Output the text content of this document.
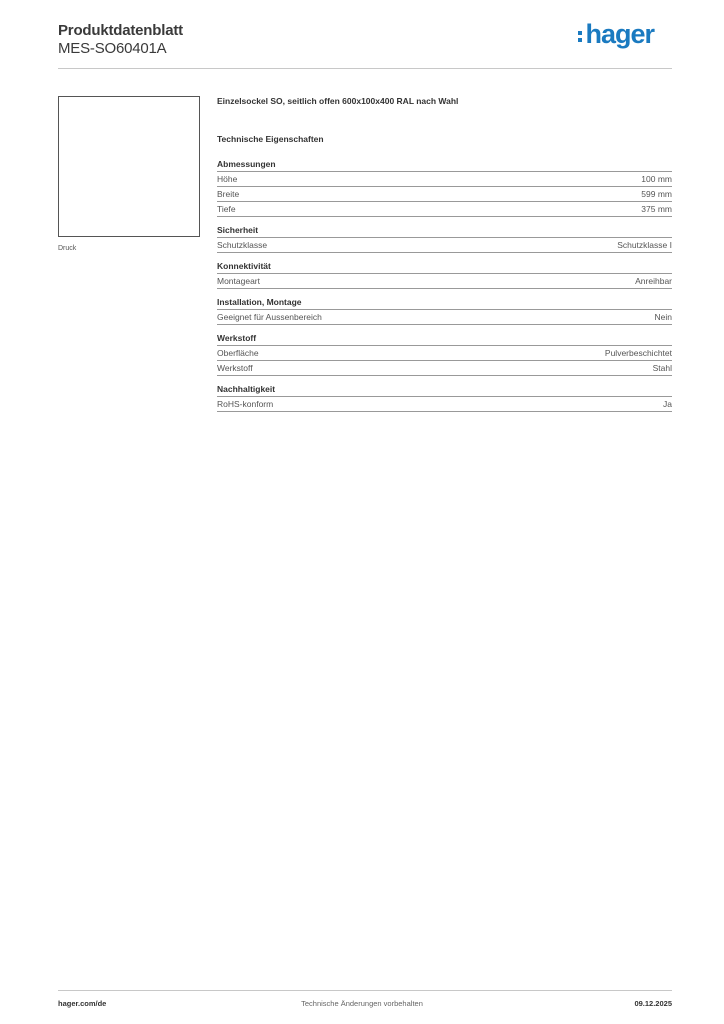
Produktdatenblatt
MES-SO60401A	hager
Druck
Einzelsockel SO, seitlich offen 600x100x400 RAL nach Wahl
Technische Eigenschaften
Abmessungen
Höhe	100 mm
Breite	599 mm
Tiefe	375 mm
Sicherheit
Schutzklasse	Schutzklasse I
Konnektivität
Montageart	Anreihbar
Installation, Montage
Geeignet für Aussenbereich	Nein
Werkstoff
Oberfläche	Pulverbeschichtet
Werkstoff	Stahl
Nachhaltigkeit
RoHS-konform	Ja
hager.com/de	Technische Änderungen vorbehalten	09.12.2025
